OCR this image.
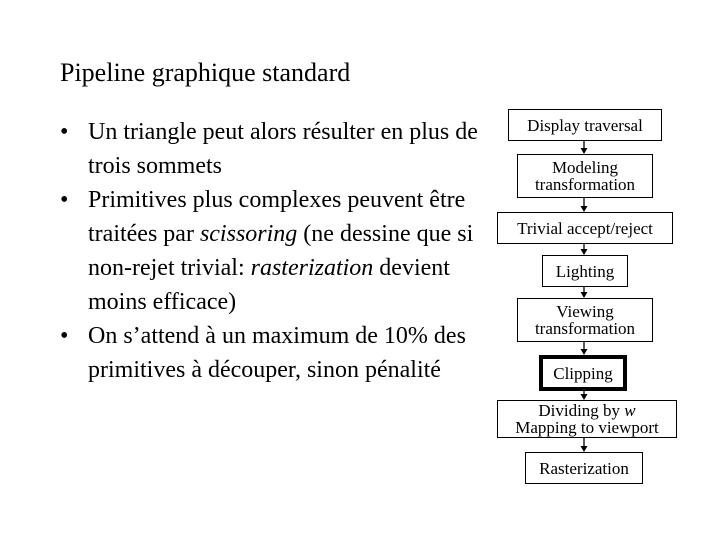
Pipeline graphique standard
• Un triangle peut alors résulter en plus de trois sommets
• Primitives plus complexes peuvent être traitées par scissoring (ne dessine que si non-rejet trivial: rasterization devient moins efficace)
• On s’attend à un maximum de 10% des primitives à découper, sinon pénalité
Display traversal
Modeling
transformation
Trivial accept/reject
Lighting
Viewing
transformation
Clipping
Dividing by w
Mapping to viewport
Rasterization
